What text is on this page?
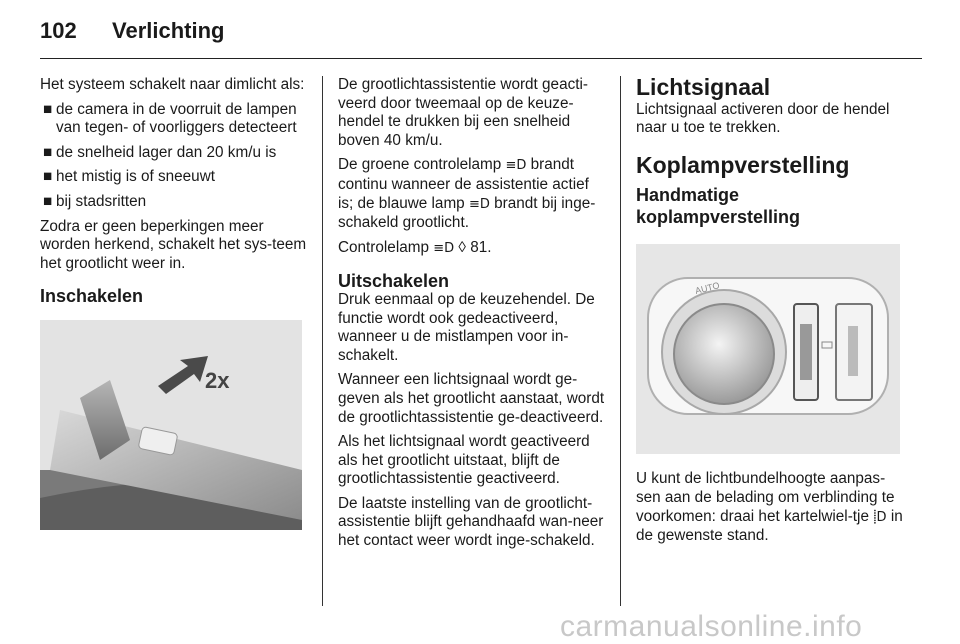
102 Verlichting

Het systeem schakelt naar dimlicht als:

■ de camera in de voorruit de lampen van tegen- of voorliggers detecteert
■ de snelheid lager dan 20 km/u is
■ het mistig is of sneeuwt
■ bij stadsritten

Zodra er geen beperkingen meer worden herkend, schakelt het sys-teem het grootlicht weer in.

Inschakelen
2x

De grootlichtassistentie wordt geacti-veerd door tweemaal op de keuze-hendel te drukken bij een snelheid boven 40 km/u.

De groene controlelamp ≡D brandt continu wanneer de assistentie actief is; de blauwe lamp ≡D brandt bij inge-schakeld grootlicht.

Controlelamp ≡D ◊ 81.

Uitschakelen

Druk eenmaal op de keuzehendel. De functie wordt ook gedeactiveerd, wanneer u de mistlampen voor in-schakelt.

Wanneer een lichtsignaal wordt ge-geven als het grootlicht aanstaat, wordt de grootlichtassistentie ge-deactiveerd.

Als het lichtsignaal wordt geactiveerd als het grootlicht uitstaat, blijft de grootlichtassistentie geactiveerd.

De laatste instelling van de grootlicht-assistentie blijft gehandhaafd wan-neer het contact weer wordt inge-schakeld.

Lichtsignaal

Lichtsignaal activeren door de hendel naar u toe te trekken.

Koplampverstelling
Handmatige
koplampverstelling
AUTO

U kunt de lichtbundelhoogte aanpas-sen aan de belading om verblinding te voorkomen: draai het kartelwiel-tje ⸽D in de gewenste stand.

carmanualsonline.info
